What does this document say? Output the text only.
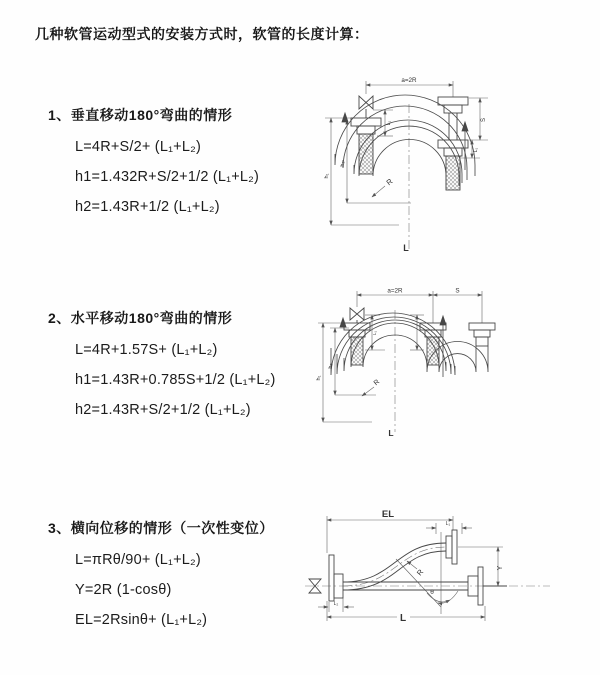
几种软管运动型式的安装方式时，软管的长度计算：
1、垂直移动180°弯曲的情形
L=4R+S/2+ (L₁+L₂)
h1=1.432R+S/2+1/2 (L₁+L₂)
h2=1.43R+1/2 (L₁+L₂)
2、水平移动180°弯曲的情形
L=4R+1.57S+ (L₁+L₂)
h1=1.43R+0.785S+1/2 (L₁+L₂)
h2=1.43R+S/2+1/2 (L₁+L₂)
3、横向位移的情形（一次性变位）
L=πRθ/90+ (L₁+L₂)
Y=2R (1-cosθ)
EL=2Rsinθ+ (L₁+L₂)
a=2R
h₁
h₂
L₁
S
L₁
R
L
a=2R	S
h₁
h₂
L₁
R
L
EL
L₁
L₂
Y
R
θ
L
